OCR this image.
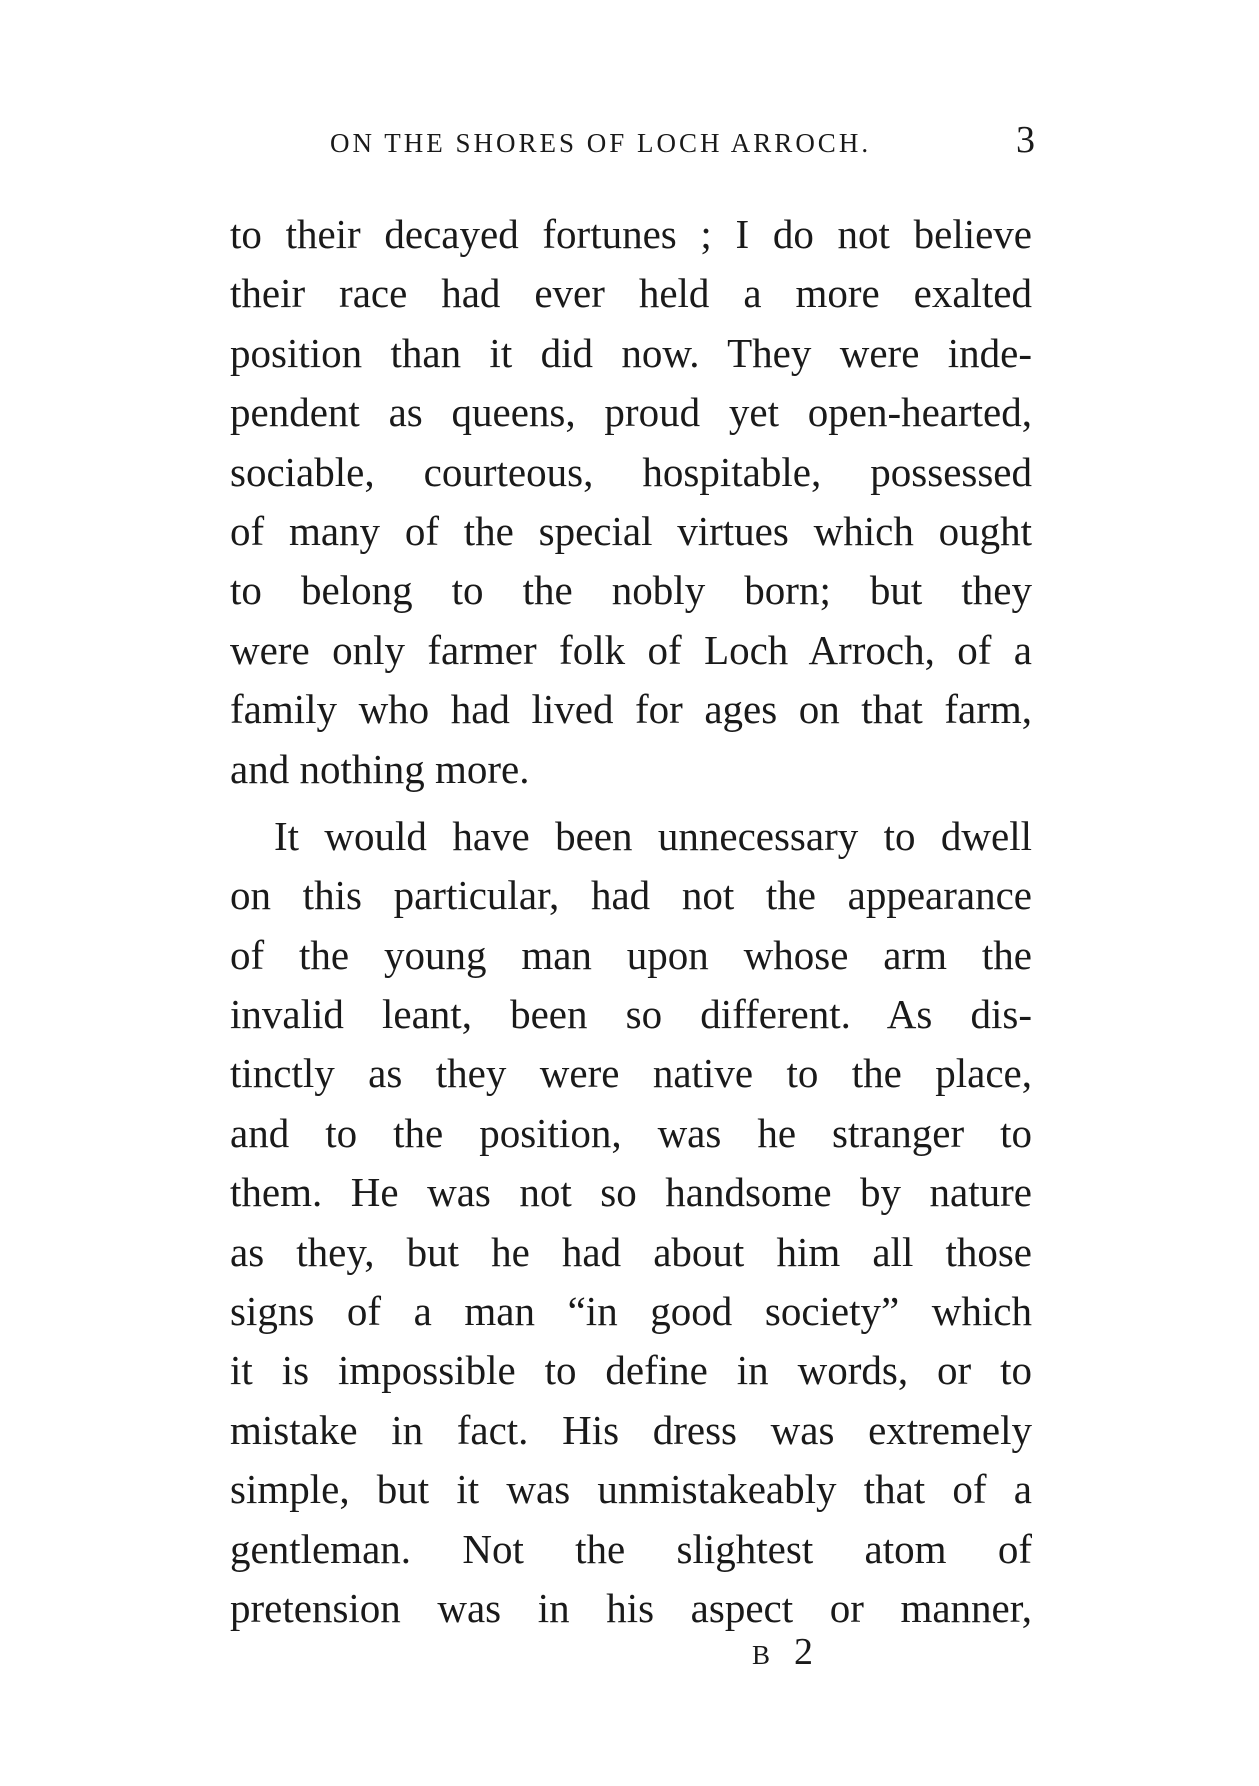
ON THE SHORES OF LOCH ARROCH.	3
to their decayed fortunes ; I do not believe
their race had ever held a more exalted
position than it did now. They were inde-
pendent as queens, proud yet open-hearted,
sociable, courteous, hospitable, possessed
of many of the special virtues which ought
to belong to the nobly born; but they
were only farmer folk of Loch Arroch, of a
family who had lived for ages on that farm,
and nothing more.
It would have been unnecessary to dwell
on this particular, had not the appearance
of the young man upon whose arm the
invalid leant, been so different. As dis-
tinctly as they were native to the place,
and to the position, was he stranger to
them. He was not so handsome by nature
as they, but he had about him all those
signs of a man “in good society” which
it is impossible to define in words, or to
mistake in fact. His dress was extremely
simple, but it was unmistakeably that of a
gentleman. Not the slightest atom of
pretension was in his aspect or manner,
B 2
